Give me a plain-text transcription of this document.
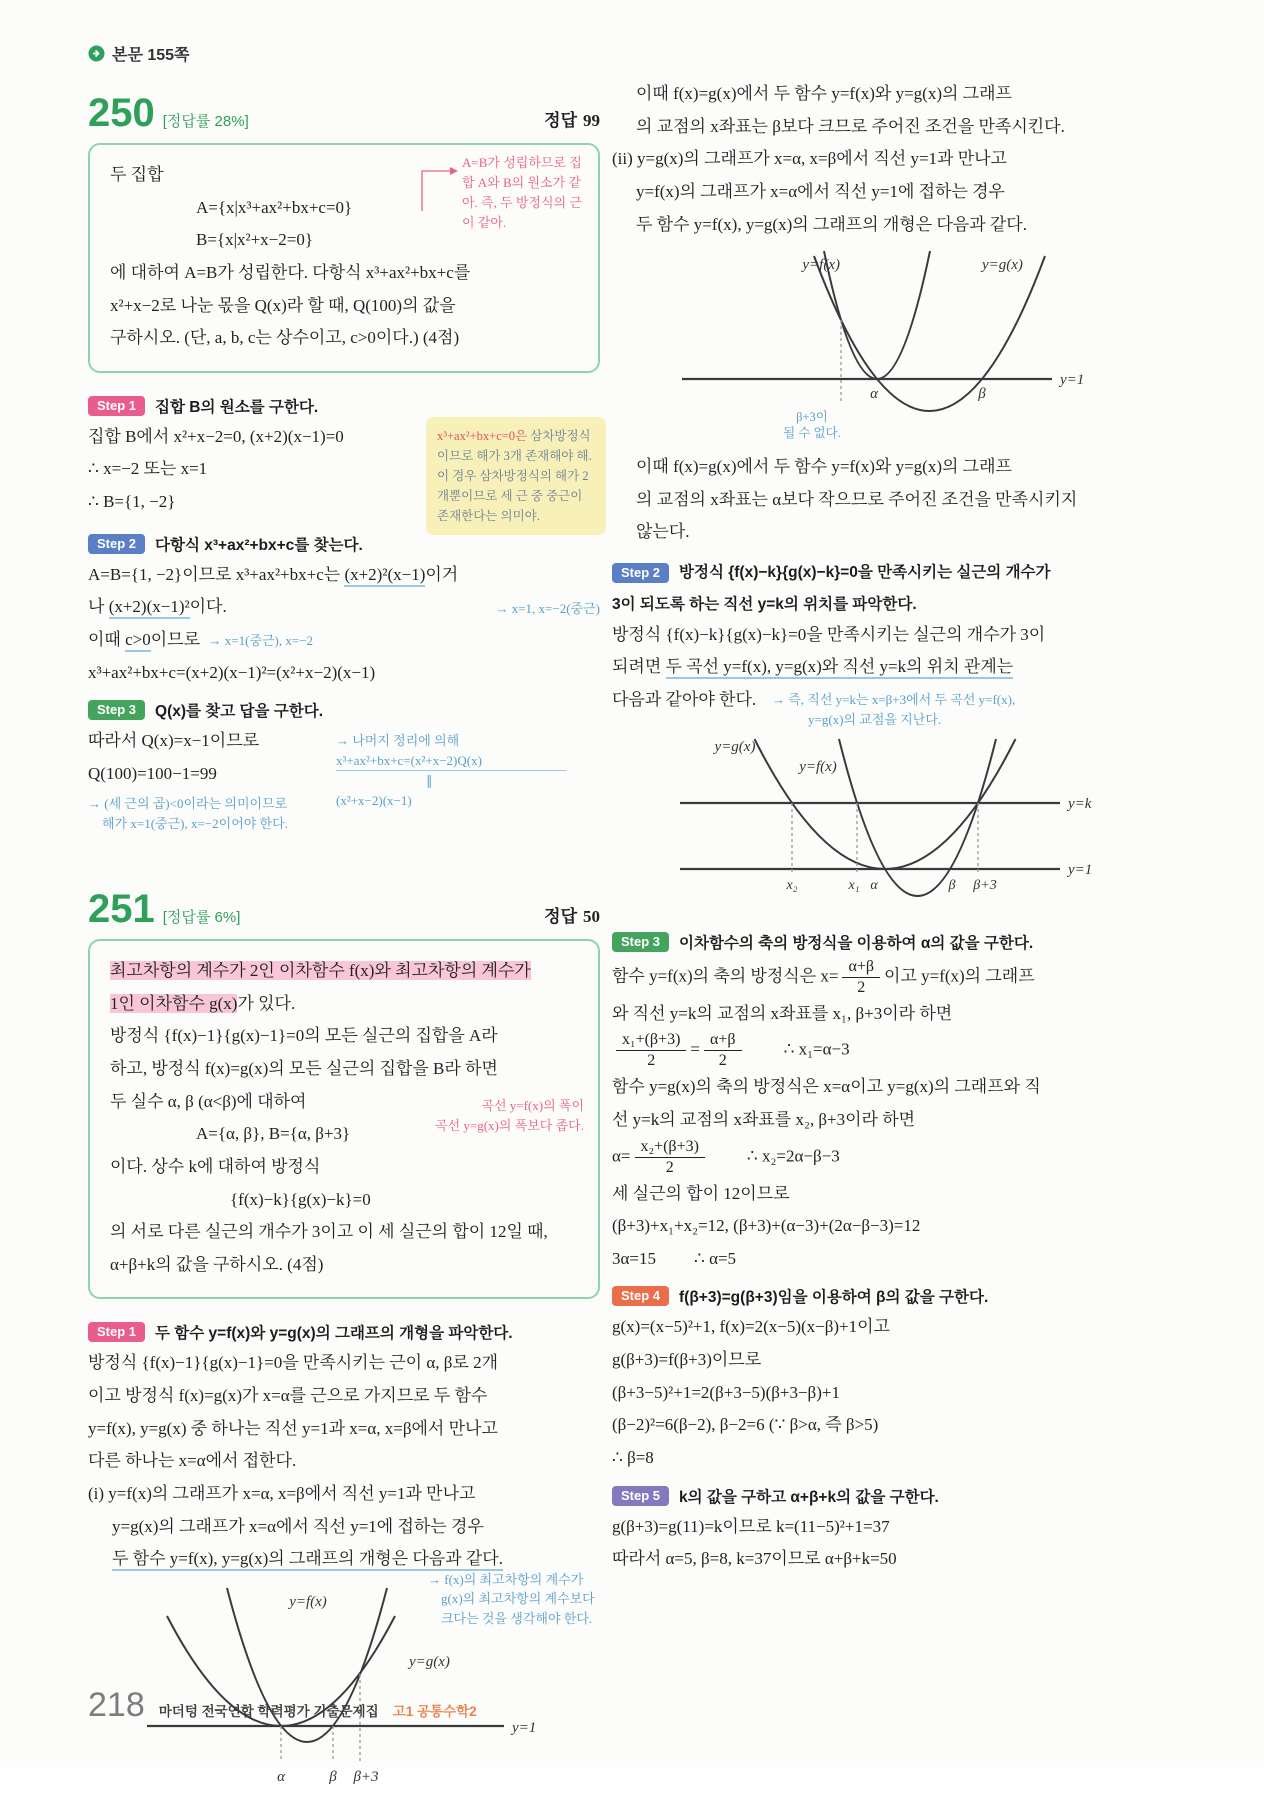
본문 155쪽
250 [정답률 28%]	정답 99
두 집합
A={x|x³+ax²+bx+c=0}
B={x|x²+x−2=0}
A=B가 성립하므로 집합 A와 B의 원소가 같아. 즉, 두 방정식의 근이 같아.
에 대하여 A=B가 성립한다. 다항식 x³+ax²+bx+c를
x²+x−2로 나눈 몫을 Q(x)라 할 때, Q(100)의 값을
구하시오. (단, a, b, c는 상수이고, c>0이다.) (4점)
Step 1	집합 B의 원소를 구한다.
집합 B에서 x²+x−2=0, (x+2)(x−1)=0
∴ x=−2 또는 x=1
∴ B={1, −2}
x³+ax²+bx+c=0은 삼차방정식이므로 해가 3개 존재해야 해. 이 경우 삼차방정식의 해가 2개뿐이므로 세 근 중 중근이 존재한다는 의미야.
Step 2	다항식 x³+ax²+bx+c를 찾는다.
A=B={1, −2}이므로 x³+ax²+bx+c는 (x+2)²(x−1)이거
나 (x+2)(x−1)²이다.	→ x=1, x=−2(중근)
이때 c>0이므로 → x=1(중근), x=−2
x³+ax²+bx+c=(x+2)(x−1)²=(x²+x−2)(x−1)
Step 3	Q(x)를 찾고 답을 구한다.
따라서 Q(x)=x−1이므로
Q(100)=100−1=99
→ 나머지 정리에 의해
x³+ax²+bx+c=(x²+x−2)Q(x)
∥
(x²+x−2)(x−1)
→ (세 근의 곱)<0이라는 의미이므로
해가 x=1(중근), x=−2이어야 한다.
251 [정답률 6%]	정답 50
최고차항의 계수가 2인 이차함수 f(x)와 최고차항의 계수가
1인 이차함수 g(x)가 있다.
방정식 {f(x)−1}{g(x)−1}=0의 모든 실근의 집합을 A라
하고, 방정식 f(x)=g(x)의 모든 실근의 집합을 B라 하면
두 실수 α, β (α<β)에 대하여	곡선 y=f(x)의 폭이
곡선 y=g(x)의 폭보다 좁다.
A={α, β}, B={α, β+3}
이다. 상수 k에 대하여 방정식
{f(x)−k}{g(x)−k}=0
의 서로 다른 실근의 개수가 3이고 이 세 실근의 합이 12일 때,
α+β+k의 값을 구하시오. (4점)
Step 1	두 함수 y=f(x)와 y=g(x)의 그래프의 개형을 파악한다.
방정식 {f(x)−1}{g(x)−1}=0을 만족시키는 근이 α, β로 2개
이고 방정식 f(x)=g(x)가 x=α를 근으로 가지므로 두 함수
y=f(x), y=g(x) 중 하나는 직선 y=1과 x=α, x=β에서 만나고
다른 하나는 x=α에서 접한다.
(i) y=f(x)의 그래프가 x=α, x=β에서 직선 y=1과 만나고
y=g(x)의 그래프가 x=α에서 직선 y=1에 접하는 경우
두 함수 y=f(x), y=g(x)의 그래프의 개형은 다음과 같다.
y=f(x)
y=g(x)
y=1
α	β β+3
→ f(x)의 최고차항의 계수가
g(x)의 최고차항의 계수보다
크다는 것을 생각해야 한다.
이때 f(x)=g(x)에서 두 함수 y=f(x)와 y=g(x)의 그래프
의 교점의 x좌표는 β보다 크므로 주어진 조건을 만족시킨다.
(ii) y=g(x)의 그래프가 x=α, x=β에서 직선 y=1과 만나고
y=f(x)의 그래프가 x=α에서 직선 y=1에 접하는 경우
두 함수 y=f(x), y=g(x)의 그래프의 개형은 다음과 같다.
y=f(x)	y=g(x)
y=1
α	β
β+3이
될 수 없다.
이때 f(x)=g(x)에서 두 함수 y=f(x)와 y=g(x)의 그래프
의 교점의 x좌표는 α보다 작으므로 주어진 조건을 만족시키지
않는다.
Step 2	방정식 {f(x)−k}{g(x)−k}=0을 만족시키는 실근의 개수가
3이 되도록 하는 직선 y=k의 위치를 파악한다.
방정식 {f(x)−k}{g(x)−k}=0을 만족시키는 실근의 개수가 3이
되려면 두 곡선 y=f(x), y=g(x)와 직선 y=k의 위치 관계는
다음과 같아야 한다. → 즉, 직선 y=k는 x=β+3에서 두 곡선 y=f(x),
y=g(x)의 교점을 지난다.
y=g(x)
y=f(x)
y=k
y=1
x₂	x₁ α	β β+3
Step 3	이차함수의 축의 방정식을 이용하여 α의 값을 구한다.
함수 y=f(x)의 축의 방정식은 $x= \frac{\alpha+\beta}{2}$ 이고 y=f(x)의 그래프
와 직선 y=k의 교점의 x좌표를 x₁, β+3이라 하면
$\frac{\text{x₁+(β+3)}}{2} = \frac{\alpha+\beta}{2}$ ∴ x₁=α−3
함수 y=g(x)의 축의 방정식은 x=α이고 y=g(x)의 그래프와 직
선 y=k의 교점의 x좌표를 x₂, β+3이라 하면
$\alpha= \frac{\text{x₂+(β+3)}}{2}$ ∴ x₂=2α−β−3
세 실근의 합이 12이므로
(β+3)+x₁+x₂=12, (β+3)+(α−3)+(2α−β−3)=12
3α=15 ∴ α=5
Step 4	f(β+3)=g(β+3)임을 이용하여 β의 값을 구한다.
g(x)=(x−5)²+1, f(x)=2(x−5)(x−β)+1이고
g(β+3)=f(β+3)이므로
(β+3−5)²+1=2(β+3−5)(β+3−β)+1
(β−2)²=6(β−2), β−2=6 (∵ β>α, 즉 β>5)
∴ β=8
Step 5	k의 값을 구하고 α+β+k의 값을 구한다.
g(β+3)=g(11)=k이므로 k=(11−5)²+1=37
따라서 α=5, β=8, k=37이므로 α+β+k=50
218 마더텅 전국연합 학력평가 기출문제집 고1 공통수학2
